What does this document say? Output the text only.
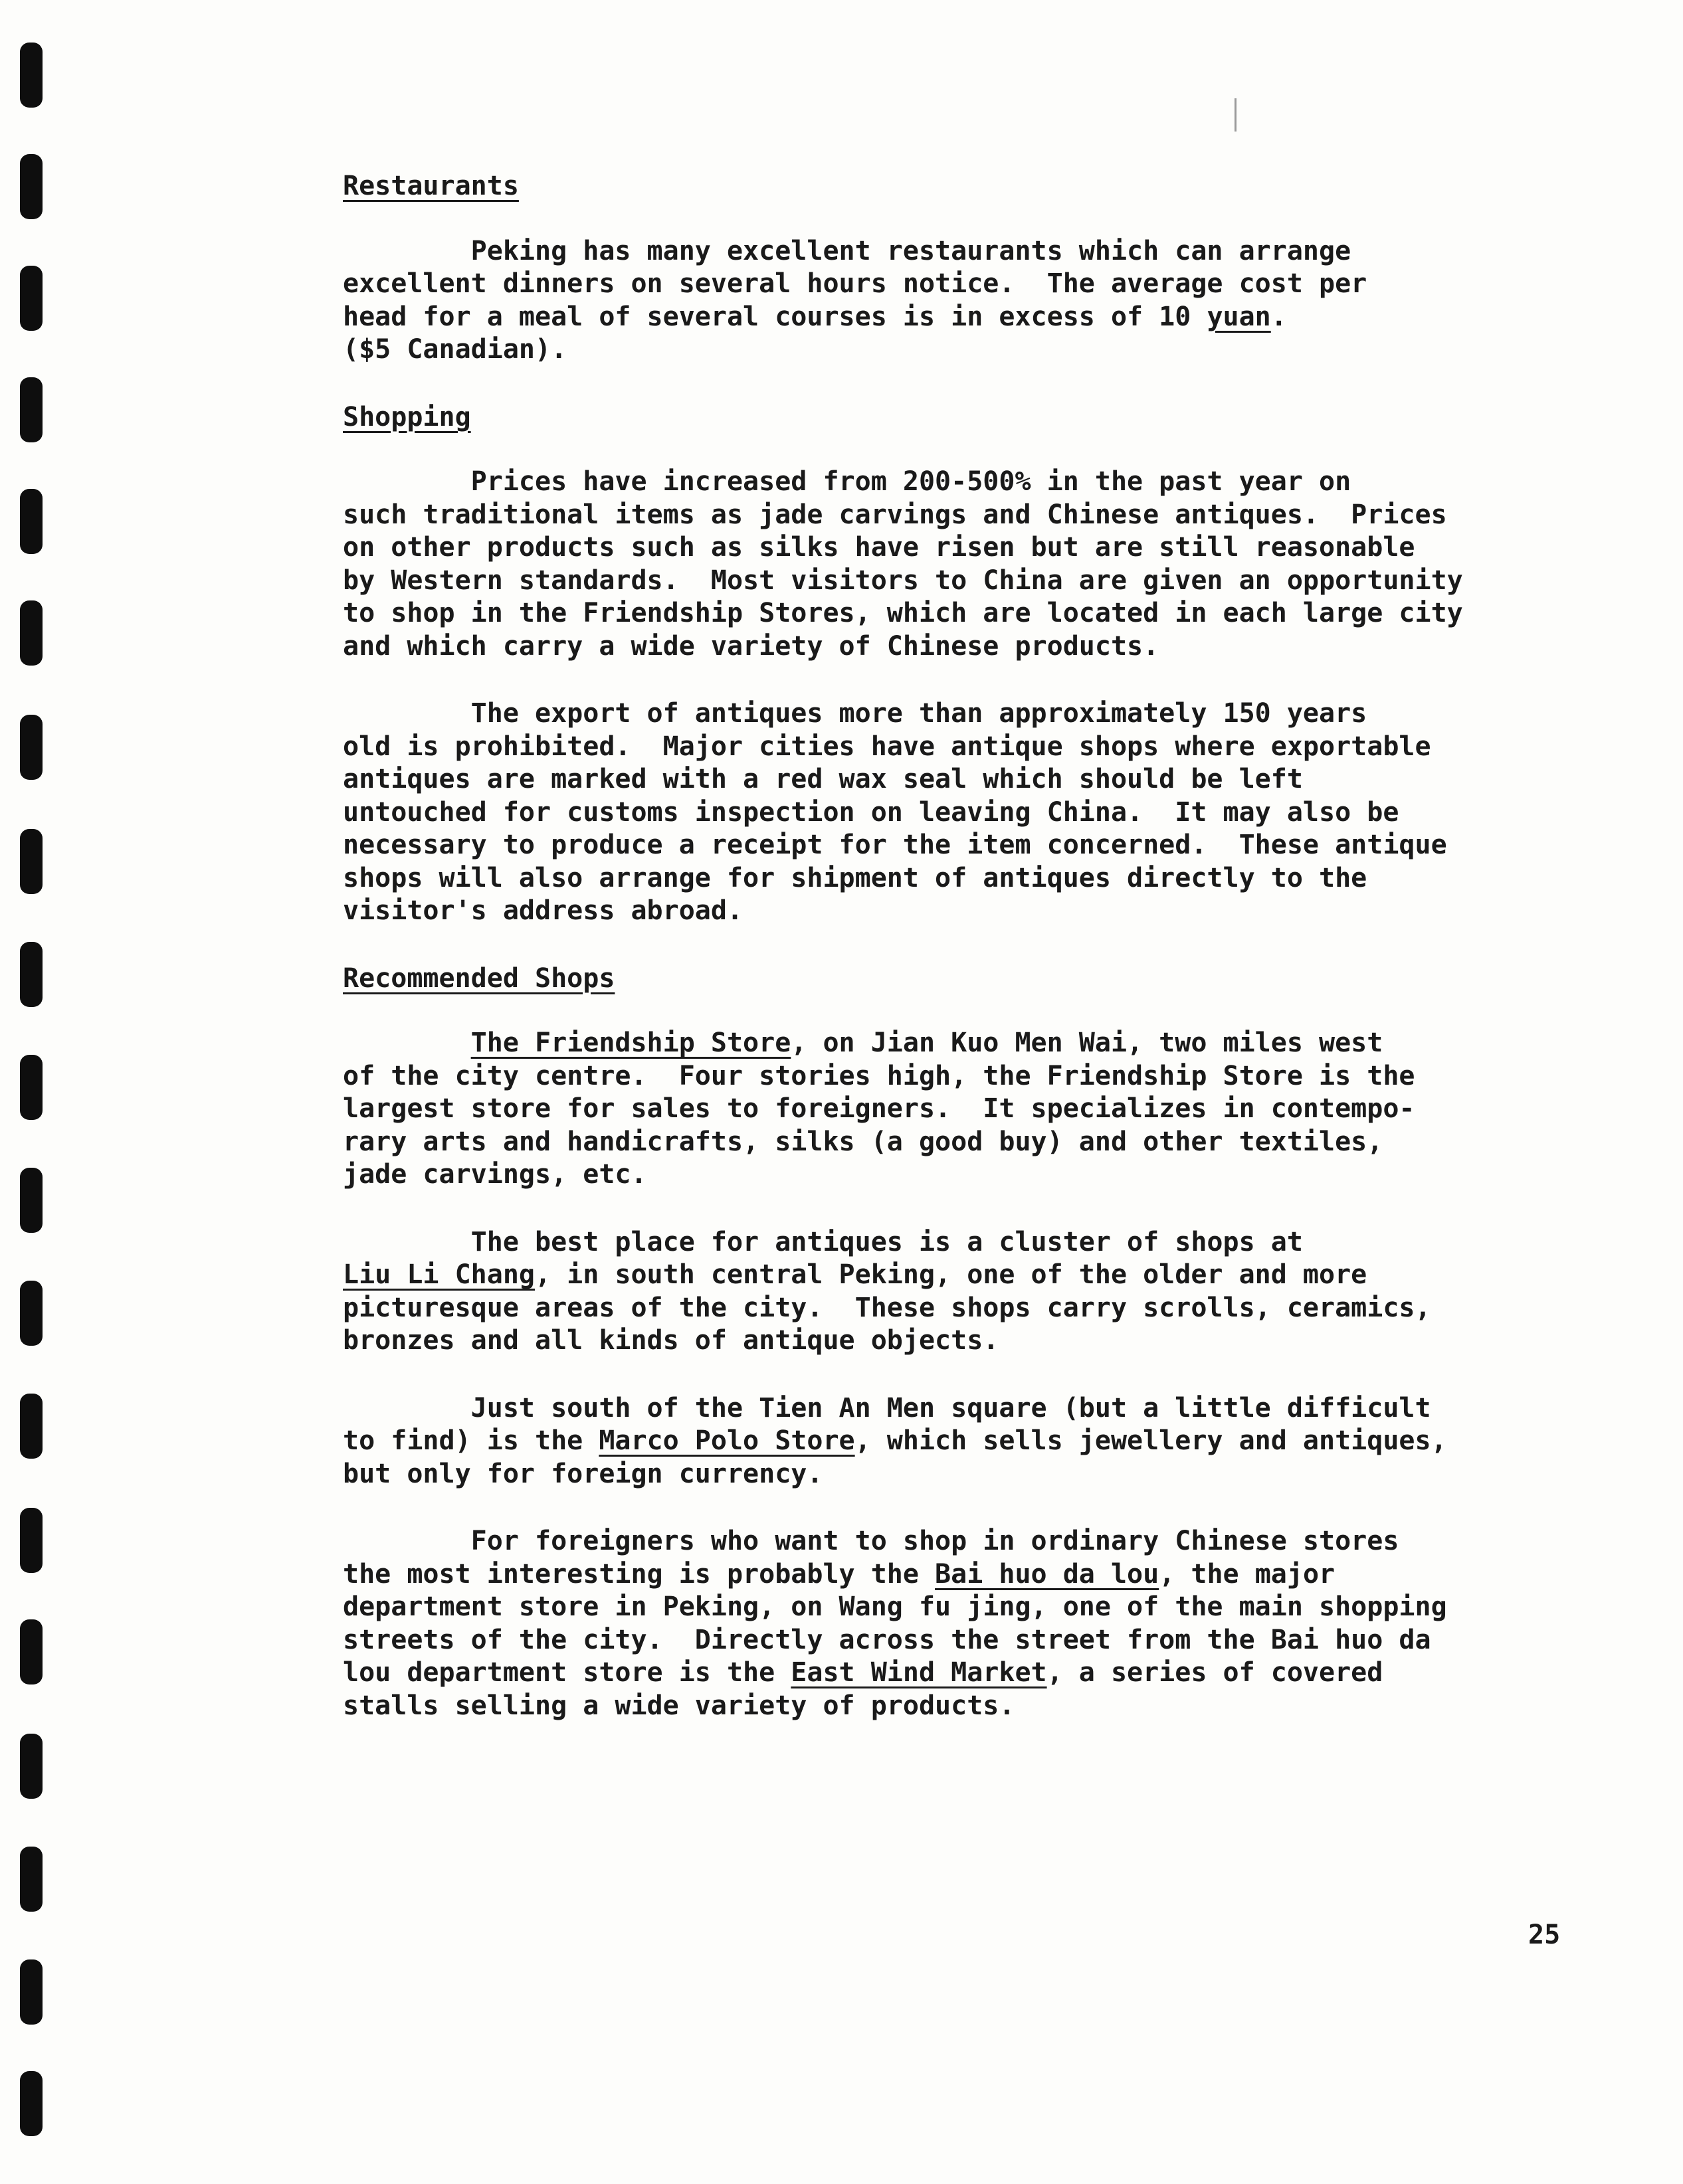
Restaurants
Peking has many excellent restaurants which can arrange
excellent dinners on several hours notice.  The average cost per
head for a meal of several courses is in excess of 10 yuan.
($5 Canadian).
Shopping
Prices have increased from 200-500% in the past year on
such traditional items as jade carvings and Chinese antiques.  Prices
on other products such as silks have risen but are still reasonable
by Western standards.  Most visitors to China are given an opportunity
to shop in the Friendship Stores, which are located in each large city
and which carry a wide variety of Chinese products.
The export of antiques more than approximately 150 years
old is prohibited.  Major cities have antique shops where exportable
antiques are marked with a red wax seal which should be left
untouched for customs inspection on leaving China.  It may also be
necessary to produce a receipt for the item concerned.  These antique
shops will also arrange for shipment of antiques directly to the
visitor's address abroad.
Recommended Shops
The Friendship Store, on Jian Kuo Men Wai, two miles west
of the city centre.  Four stories high, the Friendship Store is the
largest store for sales to foreigners.  It specializes in contempo-
rary arts and handicrafts, silks (a good buy) and other textiles,
jade carvings, etc.
The best place for antiques is a cluster of shops at
Liu Li Chang, in south central Peking, one of the older and more
picturesque areas of the city.  These shops carry scrolls, ceramics,
bronzes and all kinds of antique objects.
Just south of the Tien An Men square (but a little difficult
to find) is the Marco Polo Store, which sells jewellery and antiques,
but only for foreign currency.
For foreigners who want to shop in ordinary Chinese stores
the most interesting is probably the Bai huo da lou, the major
department store in Peking, on Wang fu jing, one of the main shopping
streets of the city.  Directly across the street from the Bai huo da
lou department store is the East Wind Market, a series of covered
stalls selling a wide variety of products.
25
